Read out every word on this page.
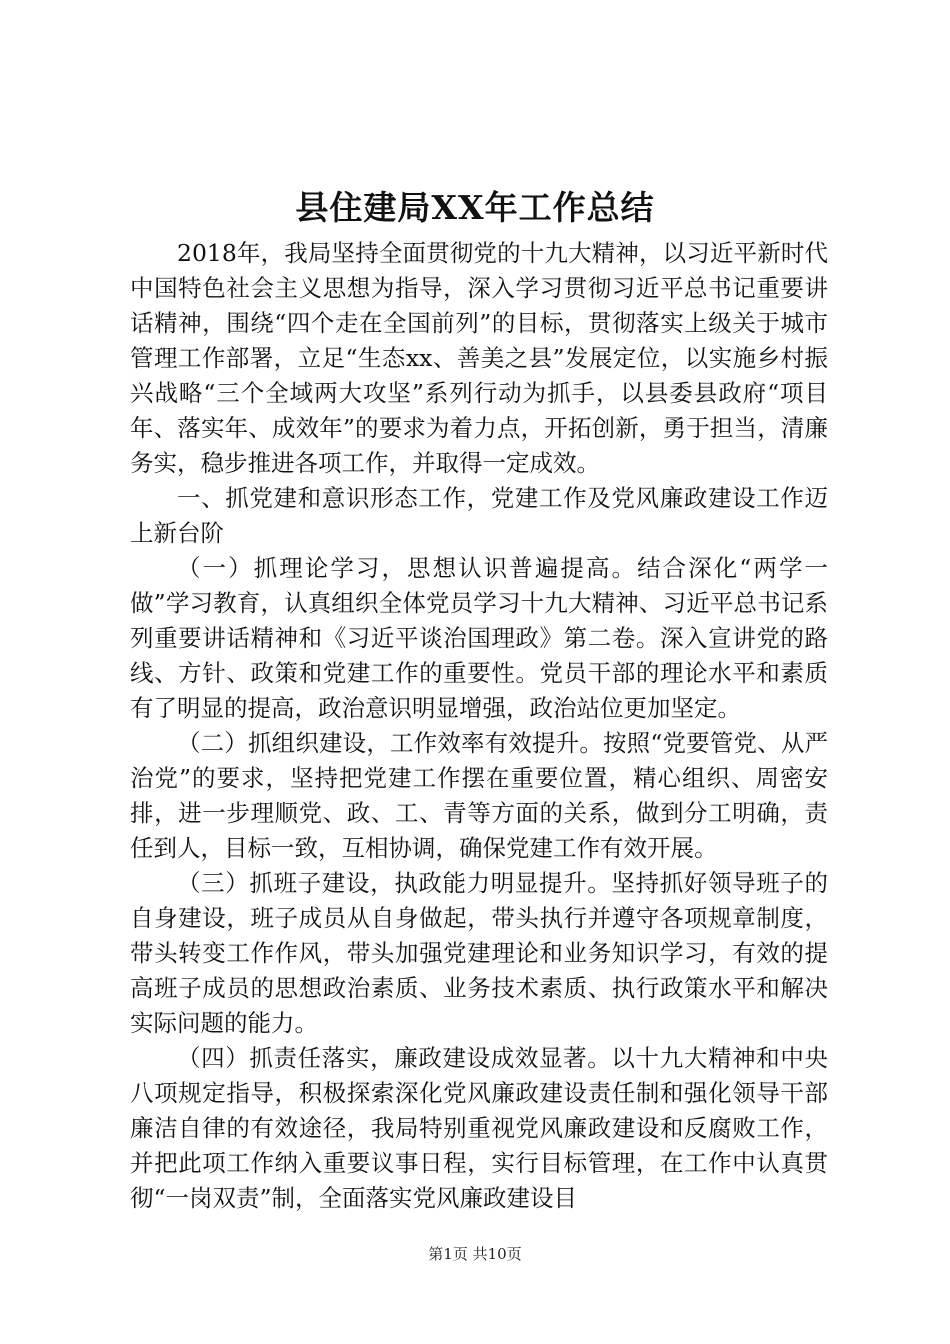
县住建局XX年工作总结

2018年，我局坚持全面贯彻党的十九大精神，以习近平新时代中国特色社会主义思想为指导，深入学习贯彻习近平总书记重要讲话精神，围绕“四个走在全国前列”的目标，贯彻落实上级关于城市管理工作部署，立足“生态xx、善美之县”发展定位，以实施乡村振兴战略“三个全域两大攻坚”系列行动为抓手，以县委县政府“项目年、落实年、成效年”的要求为着力点，开拓创新，勇于担当，清廉务实，稳步推进各项工作，并取得一定成效。

一、抓党建和意识形态工作，党建工作及党风廉政建设工作迈上新台阶

（一）抓理论学习，思想认识普遍提高。结合深化“两学一做”学习教育，认真组织全体党员学习十九大精神、习近平总书记系列重要讲话精神和《习近平谈治国理政》第二卷。深入宣讲党的路线、方针、政策和党建工作的重要性。党员干部的理论水平和素质有了明显的提高，政治意识明显增强，政治站位更加坚定。

（二）抓组织建设，工作效率有效提升。按照“党要管党、从严治党”的要求，坚持把党建工作摆在重要位置，精心组织、周密安排，进一步理顺党、政、工、青等方面的关系，做到分工明确，责任到人，目标一致，互相协调，确保党建工作有效开展。

（三）抓班子建设，执政能力明显提升。坚持抓好领导班子的自身建设，班子成员从自身做起，带头执行并遵守各项规章制度，带头转变工作作风，带头加强党建理论和业务知识学习，有效的提高班子成员的思想政治素质、业务技术素质、执行政策水平和解决实际问题的能力。

（四）抓责任落实，廉政建设成效显著。以十九大精神和中央八项规定指导，积极探索深化党风廉政建设责任制和强化领导干部廉洁自律的有效途径，我局特别重视党风廉政建设和反腐败工作，并把此项工作纳入重要议事日程，实行目标管理，在工作中认真贯彻“一岗双责”制，全面落实党风廉政建设目

第1页 共10页
